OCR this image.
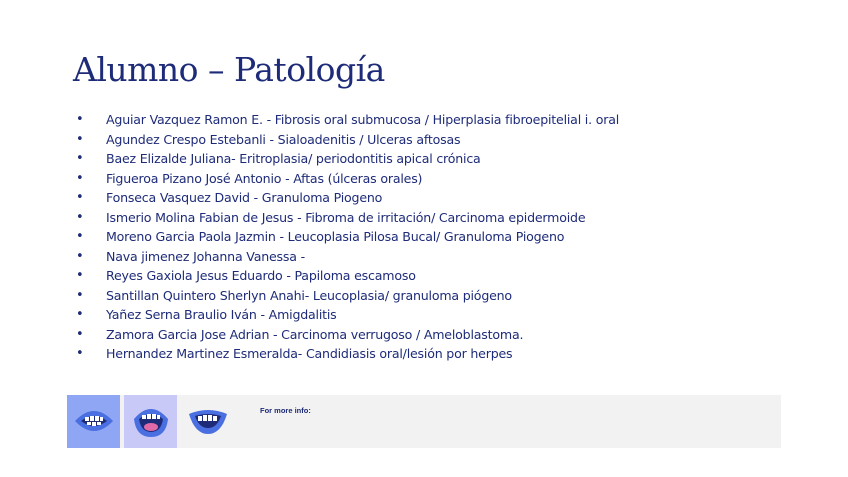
Alumno – Patología
• Aguiar Vazquez Ramon E. - Fibrosis oral submucosa / Hiperplasia fibroepitelial i. oral
• Agundez Crespo Estebanli - Sialoadenitis / Ulceras aftosas
• Baez Elizalde Juliana- Eritroplasia/ periodontitis apical crónica
• Figueroa Pizano José Antonio - Aftas (úlceras orales)
• Fonseca Vasquez David - Granuloma Piogeno
• Ismerio Molina Fabian de Jesus - Fibroma de irritación/ Carcinoma epidermoide
• Moreno Garcia Paola Jazmin - Leucoplasia Pilosa Bucal/ Granuloma Piogeno
• Nava jimenez Johanna Vanessa -
• Reyes Gaxiola Jesus Eduardo - Papiloma escamoso
• Santillan Quintero Sherlyn Anahi- Leucoplasia/ granuloma piógeno
• Yañez Serna Braulio Iván - Amigdalitis
• Zamora Garcia Jose Adrian - Carcinoma verrugoso / Ameloblastoma.
• Hernandez Martinez Esmeralda- Candidiasis oral/lesión por herpes
For more info:
